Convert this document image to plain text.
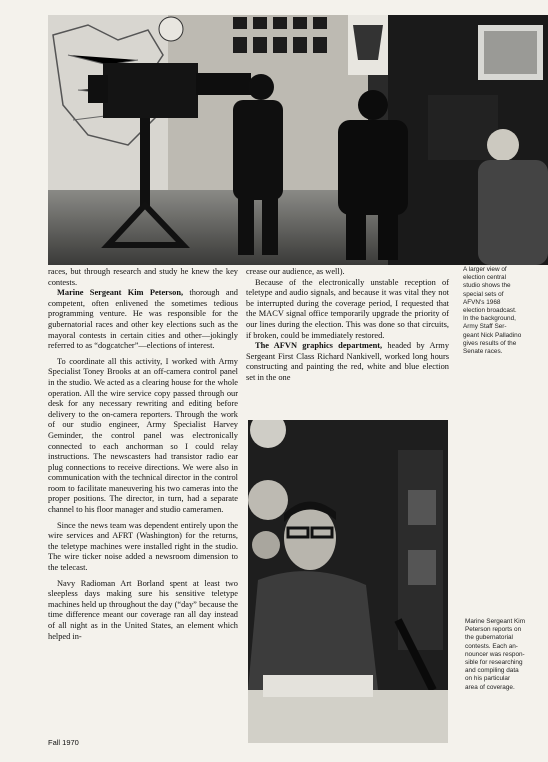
races, but through research and study he knew the key contests.

Marine Sergeant Kim Peterson, thorough and competent, often enlivened the sometimes tedious programming venture. He was responsible for the gubernatorial races and other key elections such as the mayoral contests in certain cities and other—jokingly referred to as “dogcatcher”—elections of interest.

To coordinate all this activity, I worked with Army Specialist Toney Brooks at an off-camera control panel in the studio. We acted as a clearing house for the whole operation. All the wire service copy passed through our desk for any necessary rewriting and editing before delivery to the on-camera reporters. Through the work of our studio engineer, Army Specialist Harvey Geminder, the control panel was electronically connected to each anchorman so I could relay instructions. The newscasters had transistor radio ear plug connections to receive directions. We were also in communication with the technical director in the control room to facilitate maneuvering his two cameras into the proper positions. The director, in turn, had a separate channel to his floor manager and studio cameramen.

Since the news team was dependent entirely upon the wire services and AFRT (Washington) for the returns, the teletype machines were installed right in the studio. The wire ticker noise added a newsroom dimension to the telecast.

Navy Radioman Art Borland spent at least two sleepless days making sure his sensitive teletype machines held up throughout the day (“day” because the time difference meant our coverage ran all day instead of all night as in the United States, an element which helped in-

crease our audience, as well).

Because of the electronically unstable reception of teletype and audio signals, and because it was vital they not be interrupted during the coverage period, I requested that the MACV signal office temporarily upgrade the priority of our lines during the election. This was done so that circuits, if broken, could be immediately restored.

The AFVN graphics department, headed by Army Sergeant First Class Richard Nankivell, worked long hours constructing and painting the red, white and blue election set in the one

A larger view of
election central
studio shows the
special sets of
AFVN's 1968
election broadcast.
In the background,
Army Staff Ser-
geant Nick Palladino
gives results of the
Senate races.
Marine Sergeant Kim
Peterson reports on
the gubernatorial
contests. Each an-
nouncer was respon-
sible for researching
and compiling data
on his particular
area of coverage.
Fall 1970
